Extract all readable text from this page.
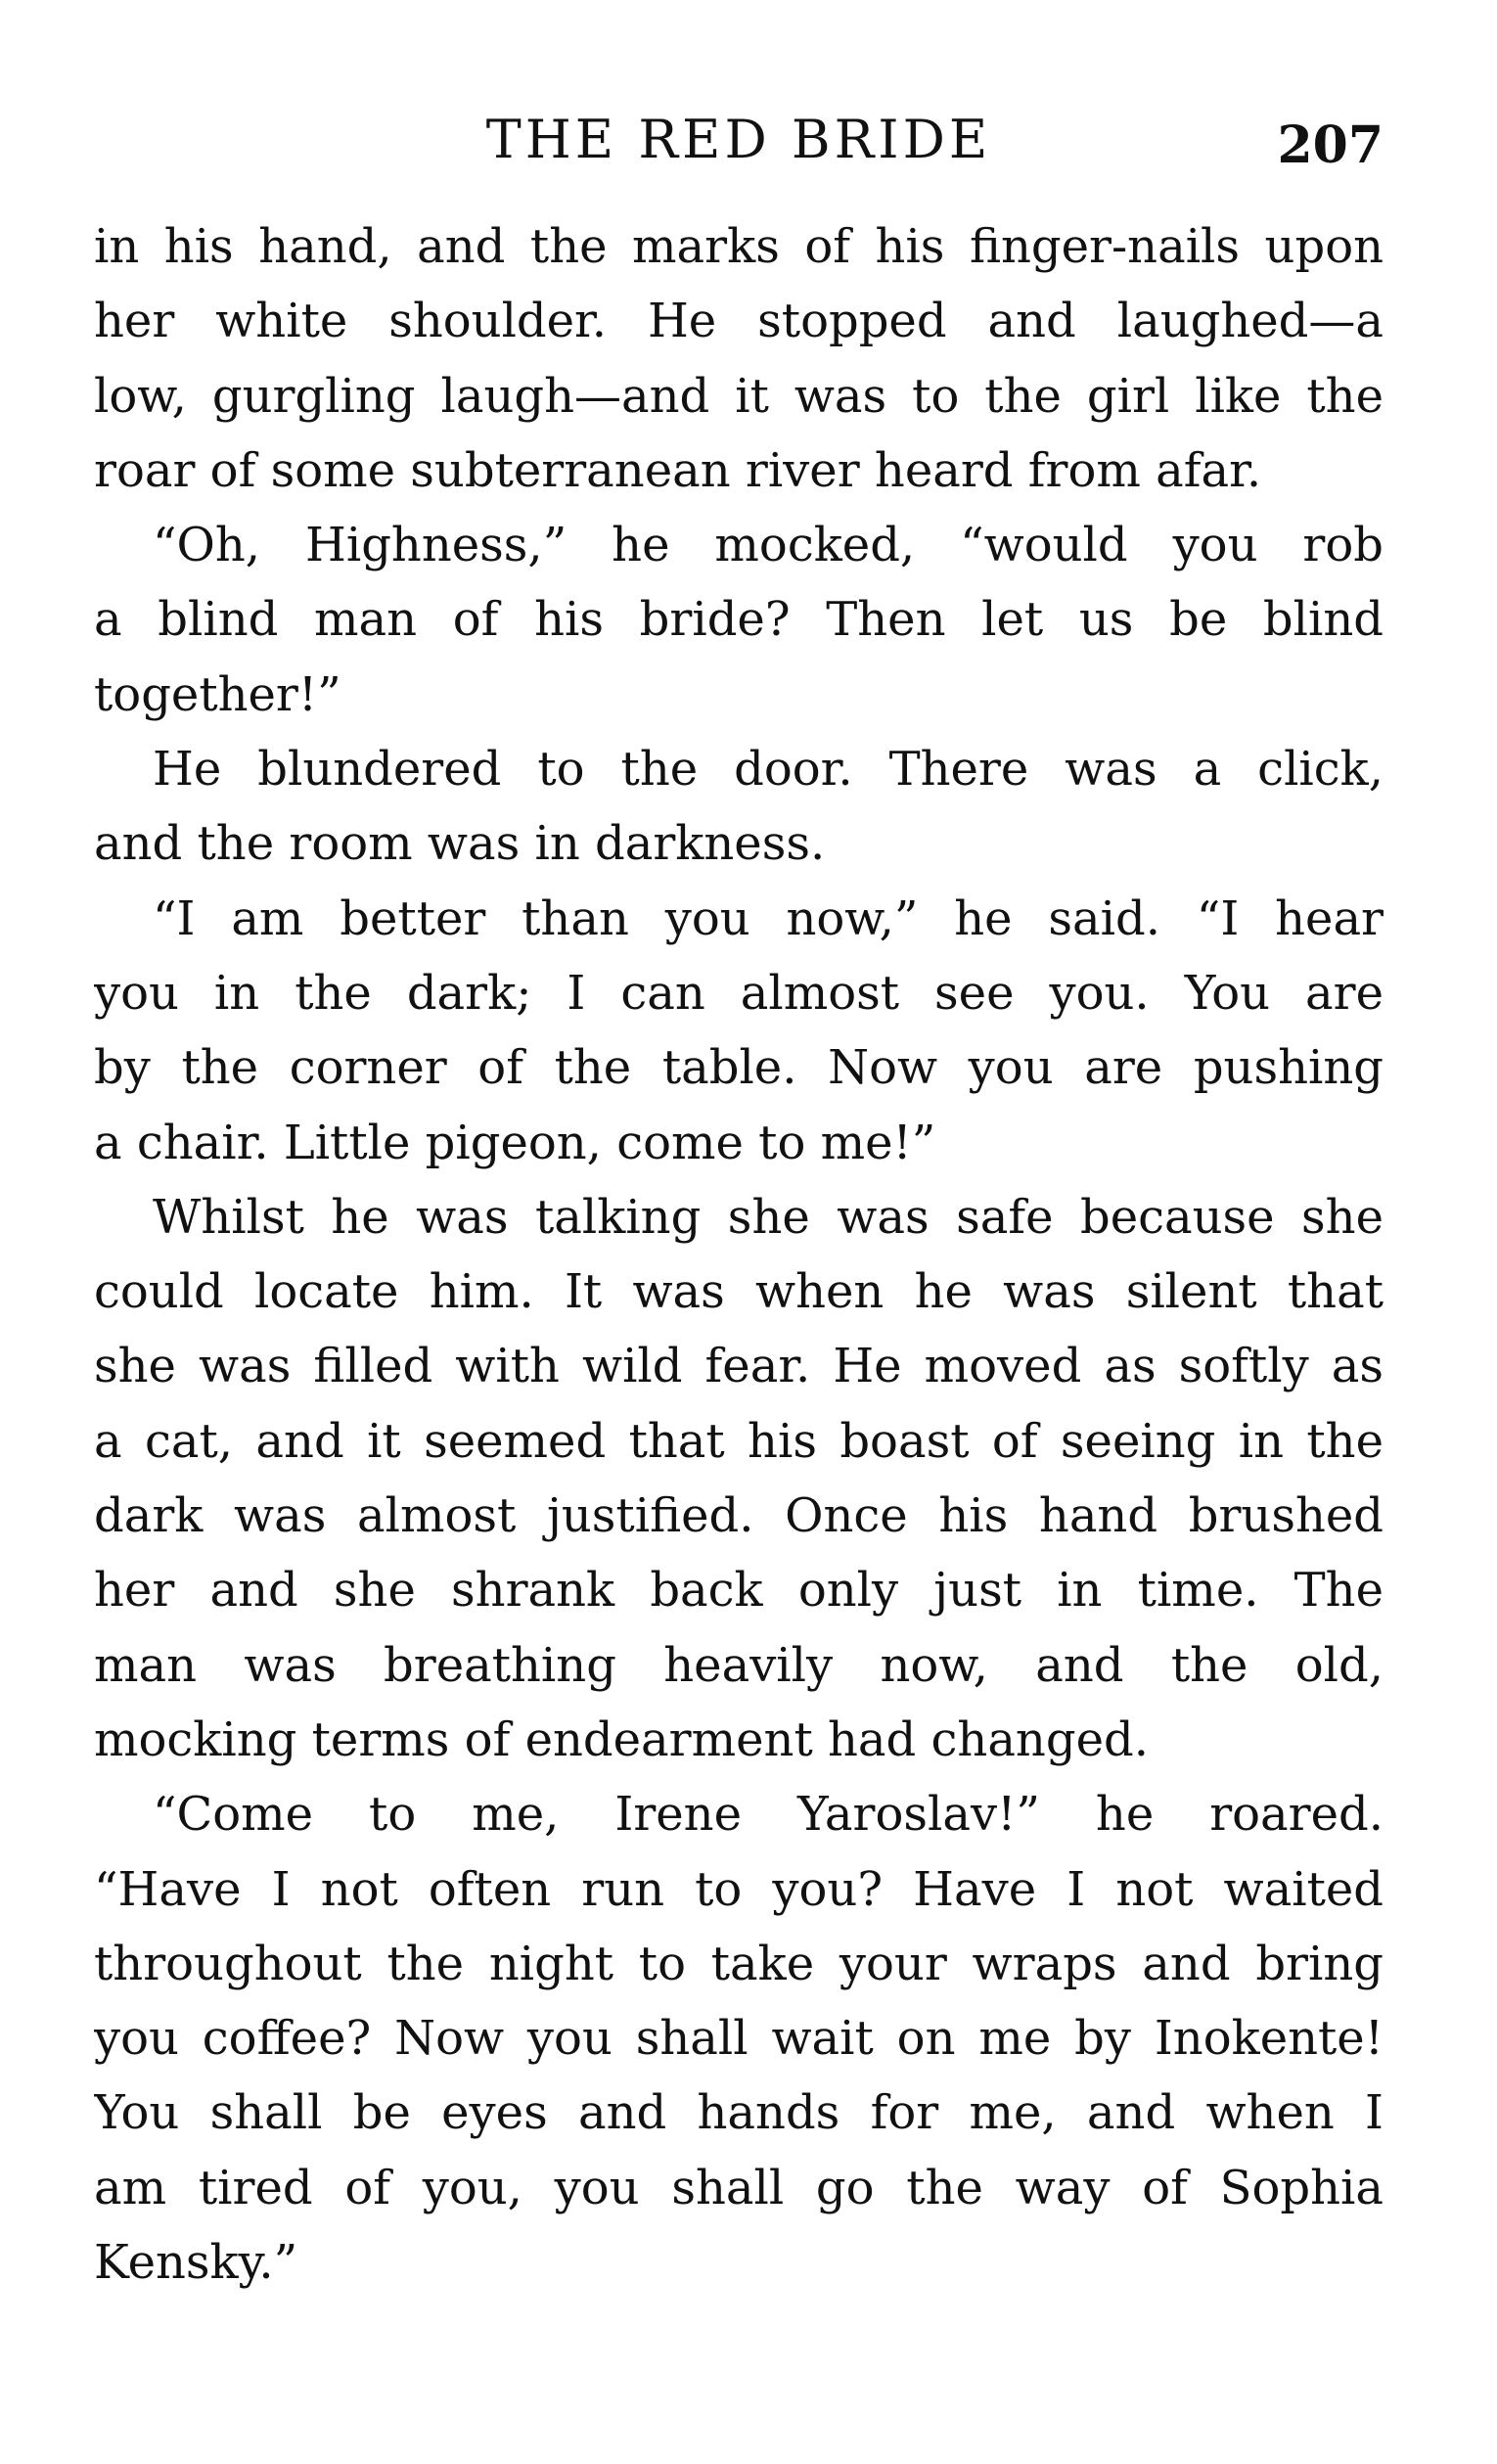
THE RED BRIDE	207
in his hand, and the marks of his finger-nails upon
her white shoulder. He stopped and laughed—a
low, gurgling laugh—and it was to the girl like the
roar of some subterranean river heard from afar.
“Oh, Highness,” he mocked, “would you rob
a blind man of his bride? Then let us be blind
together!”
He blundered to the door. There was a click,
and the room was in darkness.
“I am better than you now,” he said. “I hear
you in the dark; I can almost see you. You are
by the corner of the table. Now you are pushing
a chair. Little pigeon, come to me!”
Whilst he was talking she was safe because she
could locate him. It was when he was silent that
she was filled with wild fear. He moved as softly as
a cat, and it seemed that his boast of seeing in the
dark was almost justified. Once his hand brushed
her and she shrank back only just in time. The
man was breathing heavily now, and the old,
mocking terms of endearment had changed.
“Come to me, Irene Yaroslav!” he roared.
“Have I not often run to you? Have I not waited
throughout the night to take your wraps and bring
you coffee? Now you shall wait on me by Inokente!
You shall be eyes and hands for me, and when I
am tired of you, you shall go the way of Sophia
Kensky.”
